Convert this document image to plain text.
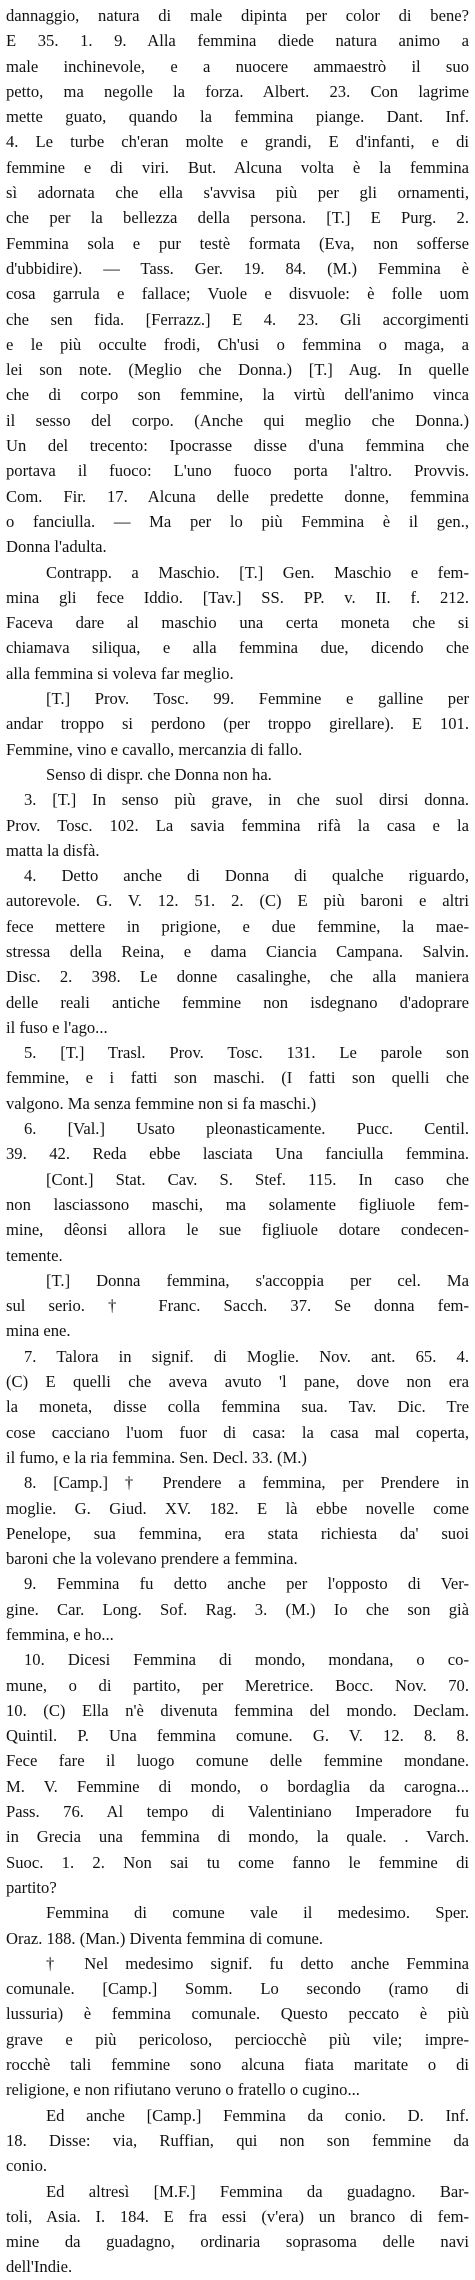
dannaggio, natura di male dipinta per color di bene?
E 35. 1. 9. Alla femmina diede natura animo a
male inchinevole, e a nuocere ammaestrò il suo
petto, ma negolle la forza. Albert. 23. Con lagrime
mette guato, quando la femmina piange. Dant. Inf.
4. Le turbe ch'eran molte e grandi, E d'infanti, e di
femmine e di viri. But. Alcuna volta è la femmina
sì adornata che ella s'avvisa più per gli ornamenti,
che per la bellezza della persona. [T.] E Purg. 2.
Femmina sola e pur testè formata (Eva, non sofferse
d'ubbidire). — Tass. Ger. 19. 84. (M.) Femmina è
cosa garrula e fallace; Vuole e disvuole: è folle uom
che sen fida. [Ferrazz.] E 4. 23. Gli accorgimenti
e le più occulte frodi, Ch'usi o femmina o maga, a
lei son note. (Meglio che Donna.) [T.] Aug. In quelle
che di corpo son femmine, la virtù dell'animo vinca
il sesso del corpo. (Anche qui meglio che Donna.)
Un del trecento: Ipocrasse disse d'una femmina che
portava il fuoco: L'uno fuoco porta l'altro. Provvis.
Com. Fir. 17. Alcuna delle predette donne, femmina
o fanciulla. — Ma per lo più Femmina è il gen.,
Donna l'adulta.
Contrapp. a Maschio. [T.] Gen. Maschio e fem-
mina gli fece Iddio. [Tav.] SS. PP. v. II. f. 212.
Faceva dare al maschio una certa moneta che si
chiamava siliqua, e alla femmina due, dicendo che
alla femmina si voleva far meglio.
[T.] Prov. Tosc. 99. Femmine e galline per
andar troppo si perdono (per troppo girellare). E 101.
Femmine, vino e cavallo, mercanzia di fallo.
Senso di dispr. che Donna non ha.
3. [T.] In senso più grave, in che suol dirsi donna.
Prov. Tosc. 102. La savia femmina rifà la casa e la
matta la disfà.
4. Detto anche di Donna di qualche riguardo,
autorevole. G. V. 12. 51. 2. (C) E più baroni e altri
fece mettere in prigione, e due femmine, la mae-
stressa della Reina, e dama Ciancia Campana. Salvin.
Disc. 2. 398. Le donne casalinghe, che alla maniera
delle reali antiche femmine non isdegnano d'adoprare
il fuso e l'ago...
5. [T.] Trasl. Prov. Tosc. 131. Le parole son
femmine, e i fatti son maschi. (I fatti son quelli che
valgono. Ma senza femmine non si fa maschi.)
6. [Val.] Usato pleonasticamente. Pucc. Centil.
39. 42. Reda ebbe lasciata Una fanciulla femmina.
[Cont.] Stat. Cav. S. Stef. 115. In caso che
non lasciassono maschi, ma solamente figliuole fem-
mine, dêonsi allora le sue figliuole dotare condecen-
temente.
[T.] Donna femmina, s'accoppia per cel. Ma
sul serio. † Franc. Sacch. 37. Se donna fem-
mina ene.
7. Talora in signif. di Moglie. Nov. ant. 65. 4.
(C) E quelli che aveva avuto 'l pane, dove non era
la moneta, disse colla femmina sua. Tav. Dic. Tre
cose cacciano l'uom fuor di casa: la casa mal coperta,
il fumo, e la ria femmina. Sen. Decl. 33. (M.)
8. [Camp.] † Prendere a femmina, per Prendere in
moglie. G. Giud. XV. 182. E là ebbe novelle come
Penelope, sua femmina, era stata richiesta da' suoi
baroni che la volevano prendere a femmina.
9. Femmina fu detto anche per l'opposto di Ver-
gine. Car. Long. Sof. Rag. 3. (M.) Io che son già
femmina, e ho...
10. Dicesi Femmina di mondo, mondana, o co-
mune, o di partito, per Meretrice. Bocc. Nov. 70.
10. (C) Ella n'è divenuta femmina del mondo. Declam.
Quintil. P. Una femmina comune. G. V. 12. 8. 8.
Fece fare il luogo comune delle femmine mondane.
M. V. Femmine di mondo, o bordaglia da carogna...
Pass. 76. Al tempo di Valentiniano Imperadore fu
in Grecia una femmina di mondo, la quale. . Varch.
Suoc. 1. 2. Non sai tu come fanno le femmine di
partito?
Femmina di comune vale il medesimo. Sper.
Oraz. 188. (Man.) Diventa femmina di comune.
† Nel medesimo signif. fu detto anche Femmina
comunale. [Camp.] Somm. Lo secondo (ramo di
lussuria) è femmina comunale. Questo peccato è più
grave e più pericoloso, perciocchè più vile; impre-
rocchè tali femmine sono alcuna fiata maritate o di
religione, e non rifiutano veruno o fratello o cugino...
Ed anche [Camp.] Femmina da conio. D. Inf.
18. Disse: via, Ruffian, qui non son femmine da
conio.
Ed altresì [M.F.] Femmina da guadagno. Bar-
toli, Asia. I. 184. E fra essi (v'era) un branco di fem-
mine da guadagno, ordinaria soprasoma delle navi
dell'Indie.
